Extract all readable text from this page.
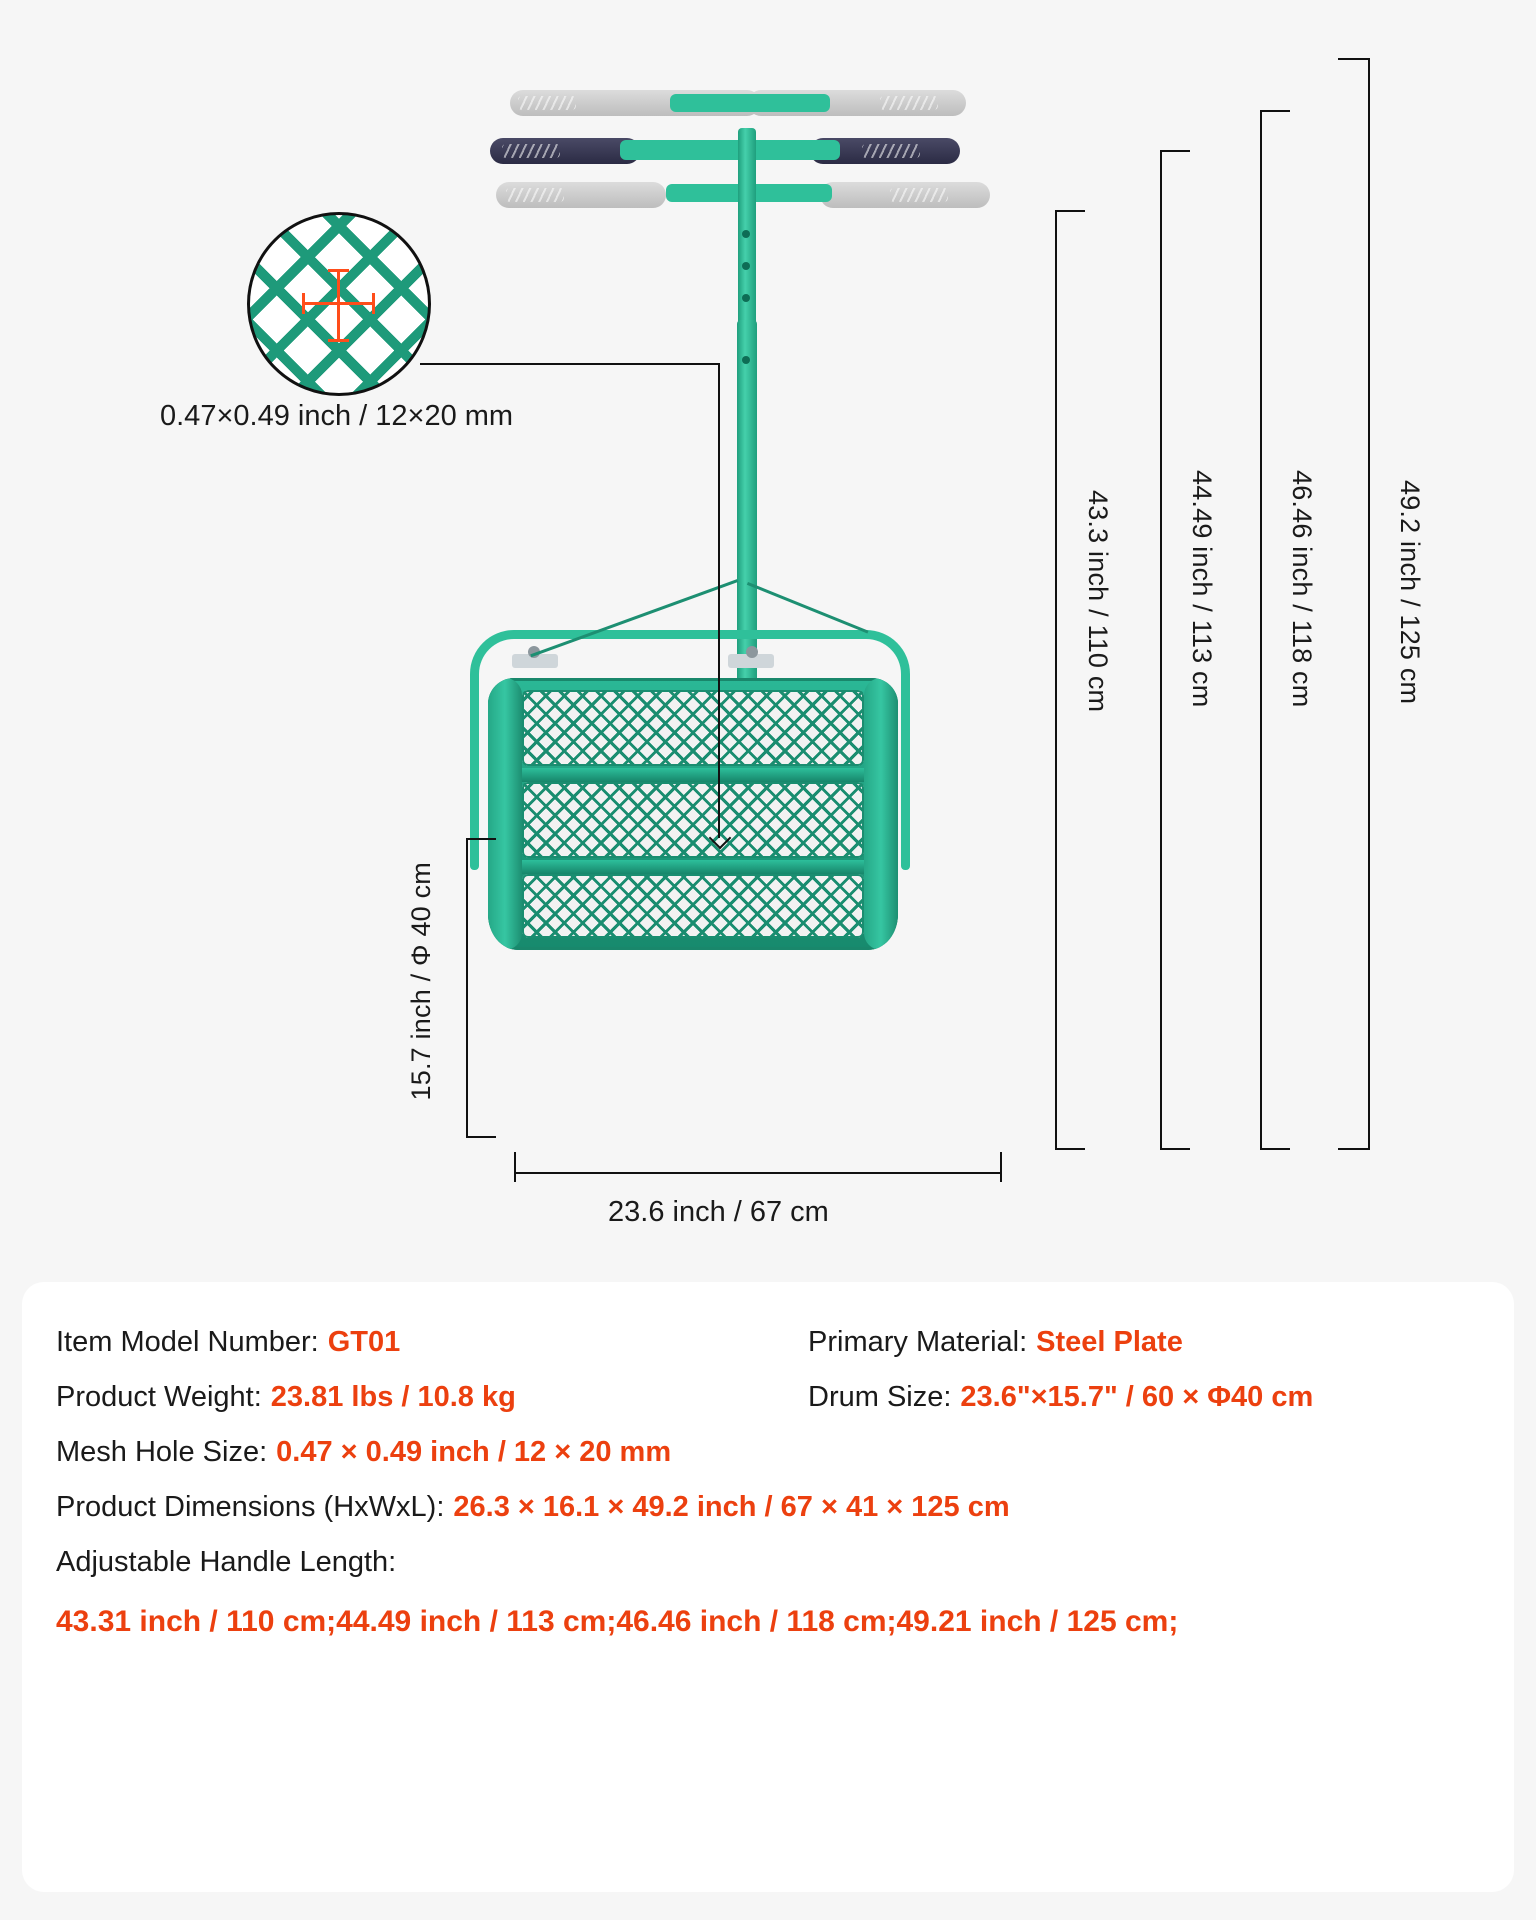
0.47×0.49 inch / 12×20 mm
15.7 inch / Φ 40 cm
23.6 inch / 67 cm
43.3 inch / 110 cm	44.49 inch / 113 cm	46.46 inch / 118 cm	49.2 inch / 125 cm
Item Model Number: GT01	Primary Material: Steel Plate
Product Weight: 23.81 lbs / 10.8 kg	Drum Size: 23.6"×15.7" / 60 × Φ40 cm
Mesh Hole Size: 0.47 × 0.49 inch / 12 × 20 mm
Product Dimensions (HxWxL): 26.3 × 16.1 × 49.2 inch / 67 × 41 × 125 cm
Adjustable Handle Length:
43.31 inch / 110 cm;44.49 inch / 113 cm;46.46 inch / 118 cm;49.21 inch / 125 cm;
